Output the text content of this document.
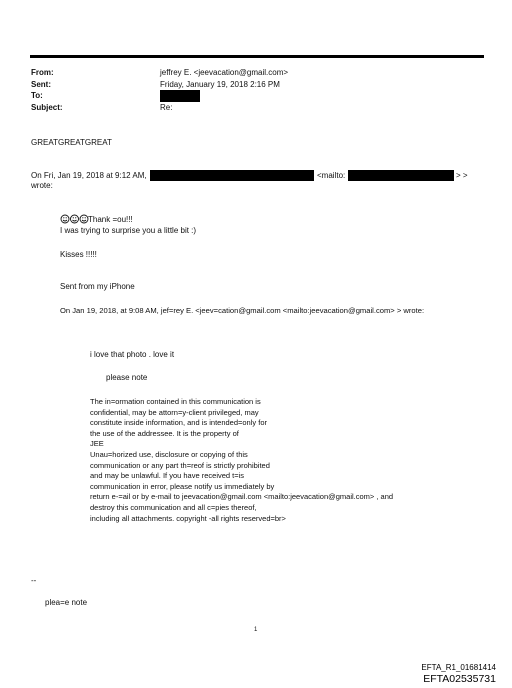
From:	jeffrey E. <jeevacation@gmail.com>
Sent:	Friday, January 19, 2018 2:16 PM
To:
Subject:	Re:
GREATGREATGREAT
On Fri, Jan 19, 2018 at 9:12 AM,	<mailto:	> >
wrote:
Thank =ou!!!
I was trying to surprise you a little bit :)
Kisses !!!!!
Sent from my iPhone
On Jan 19, 2018, at 9:08 AM, jef=rey E. <jeev=cation@gmail.com <mailto:jeevacation@gmail.com> > wrote:
i love that photo . love it
please note
The in=ormation contained in this communication is
confidential, may be attorn=y-client privileged, may
constitute inside information, and is intended=only for
the use of the addressee. It is the property of
JEE
Unau=horized use, disclosure or copying of this
communication or any part th=reof is strictly prohibited
and may be unlawful. If you have received t=is
communication in error, please notify us immediately by
return e-=ail or by e-mail to jeevacation@gmail.com <mailto:jeevacation@gmail.com> , and
destroy this communication and all c=pies thereof,
including all attachments. copyright -all rights reserved=br>
--
plea=e note
1
EFTA_R1_01681414
EFTA02535731
